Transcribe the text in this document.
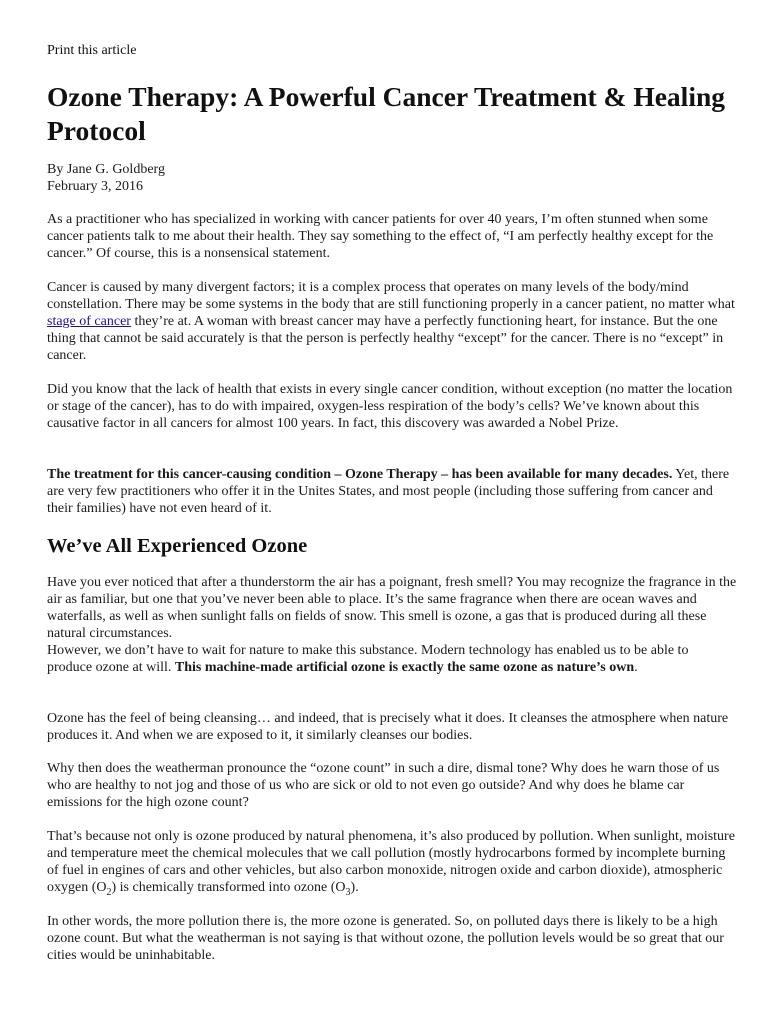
Print this article
Ozone Therapy: A Powerful Cancer Treatment & Healing Protocol
By Jane G. Goldberg
February 3, 2016

As a practitioner who has specialized in working with cancer patients for over 40 years, I’m often stunned when some cancer patients talk to me about their health. They say something to the effect of, “I am perfectly healthy except for the cancer.” Of course, this is a nonsensical statement.

Cancer is caused by many divergent factors; it is a complex process that operates on many levels of the body/mind constellation. There may be some systems in the body that are still functioning properly in a cancer patient, no matter what stage of cancer they’re at. A woman with breast cancer may have a perfectly functioning heart, for instance. But the one thing that cannot be said accurately is that the person is perfectly healthy “except” for the cancer. There is no “except” in cancer.

Did you know that the lack of health that exists in every single cancer condition, without exception (no matter the location or stage of the cancer), has to do with impaired, oxygen-less respiration of the body’s cells? We’ve known about this causative factor in all cancers for almost 100 years. In fact, this discovery was awarded a Nobel Prize.

The treatment for this cancer-causing condition – Ozone Therapy – has been available for many decades. Yet, there are very few practitioners who offer it in the Unites States, and most people (including those suffering from cancer and their families) have not even heard of it.

We’ve All Experienced Ozone

Have you ever noticed that after a thunderstorm the air has a poignant, fresh smell? You may recognize the fragrance in the air as familiar, but one that you’ve never been able to place. It’s the same fragrance when there are ocean waves and waterfalls, as well as when sunlight falls on fields of snow. This smell is ozone, a gas that is produced during all these natural circumstances.

However, we don’t have to wait for nature to make this substance. Modern technology has enabled us to be able to produce ozone at will. This machine-made artificial ozone is exactly the same ozone as nature’s own.

Ozone has the feel of being cleansing… and indeed, that is precisely what it does. It cleanses the atmosphere when nature produces it. And when we are exposed to it, it similarly cleanses our bodies.

Why then does the weatherman pronounce the “ozone count” in such a dire, dismal tone? Why does he warn those of us who are healthy to not jog and those of us who are sick or old to not even go outside? And why does he blame car emissions for the high ozone count?

That’s because not only is ozone produced by natural phenomena, it’s also produced by pollution. When sunlight, moisture and temperature meet the chemical molecules that we call pollution (mostly hydrocarbons formed by incomplete burning of fuel in engines of cars and other vehicles, but also carbon monoxide, nitrogen oxide and carbon dioxide), atmospheric oxygen $(O_2)$ is chemically transformed into ozone $(O_3)$.

In other words, the more pollution there is, the more ozone is generated. So, on polluted days there is likely to be a high ozone count. But what the weatherman is not saying is that without ozone, the pollution levels would be so great that our cities would be uninhabitable.
